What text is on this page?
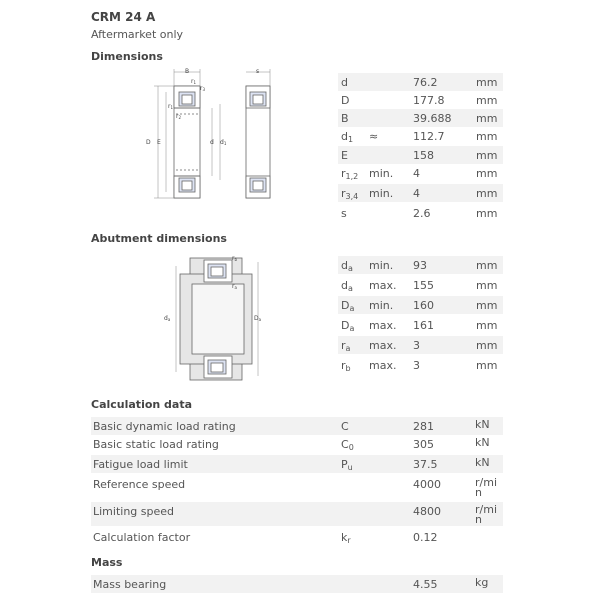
CRM 24 A
Aftermarket only
Dimensions
B
r1
r3
r1
r2
D E	d d1
s
d	76.2	mm
D	177.8	mm
B	39.688 mm
$d_1$ ≈	112.7	mm
E	158	mm
$r_{1,2}$ min. 4	mm
$r_{3,4}$ min. 4	mm
s	2.6	mm
Abutment dimensions
rb
ra
da	Da
$d_a$ min. 93	mm
$d_a$ max. 155	mm
$D_a$ min. 160	mm
$D_a$ max. 161	mm
$r_a$ max. 3	mm
$r_b$ max. 3	mm
Calculation data
Basic dynamic load rating	C	281	kN
Basic static load rating	$C_0$	305	kN
Fatigue load limit	$P_u$	37.5	kN
Reference speed	4000	r/mi
n
Limiting speed	4800	r/mi
n
Calculation factor	$k_r$	0.12
Mass
Mass bearing	4.55	kg
